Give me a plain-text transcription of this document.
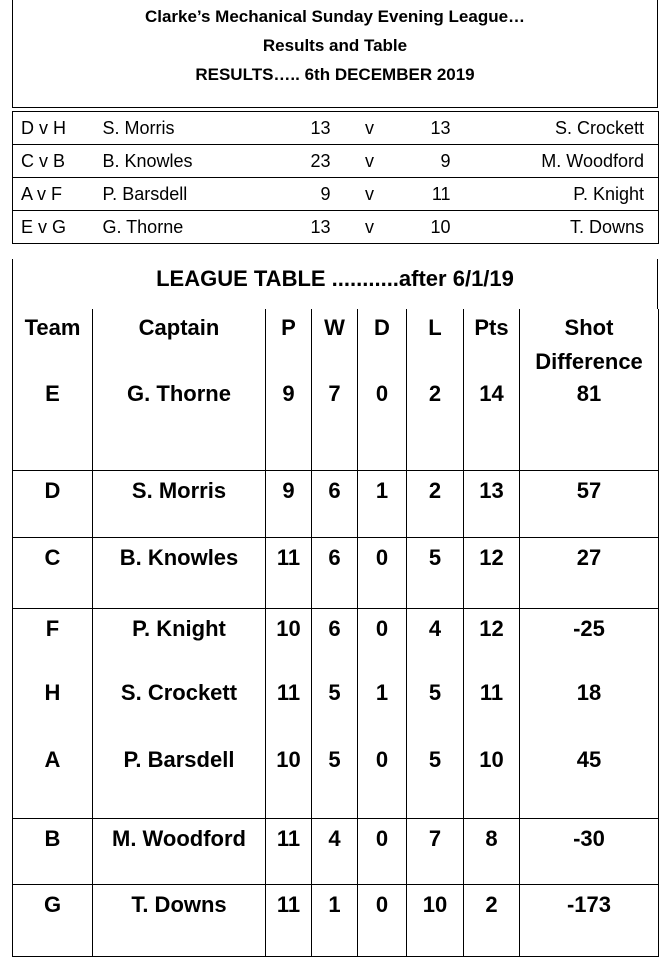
Clarke’s Mechanical Sunday Evening League…
Results and Table
RESULTS….. 6th DECEMBER 2019
D v H	S. Morris	13	v	13	S. Crockett
C v B	B. Knowles	23	v	9	M. Woodford
A v F	P. Barsdell	9	v	11	P. Knight
E v G	G. Thorne	13	v	10	T. Downs
LEAGUE TABLE ...........after 6/1/19
Team	Captain	P	W	D	L	Pts	Shot
Difference
E	G. Thorne	9	7	0	2	14	81
D	S. Morris	9	6	1	2	13	57
C	B. Knowles	11	6	0	5	12	27
F	P. Knight	10	6	0	4	12	-25
H	S. Crockett	11	5	1	5	11	18
A	P. Barsdell	10	5	0	5	10	45
B	M. Woodford	11	4	0	7	8	-30
G	T. Downs	11	1	0	10	2	-173
